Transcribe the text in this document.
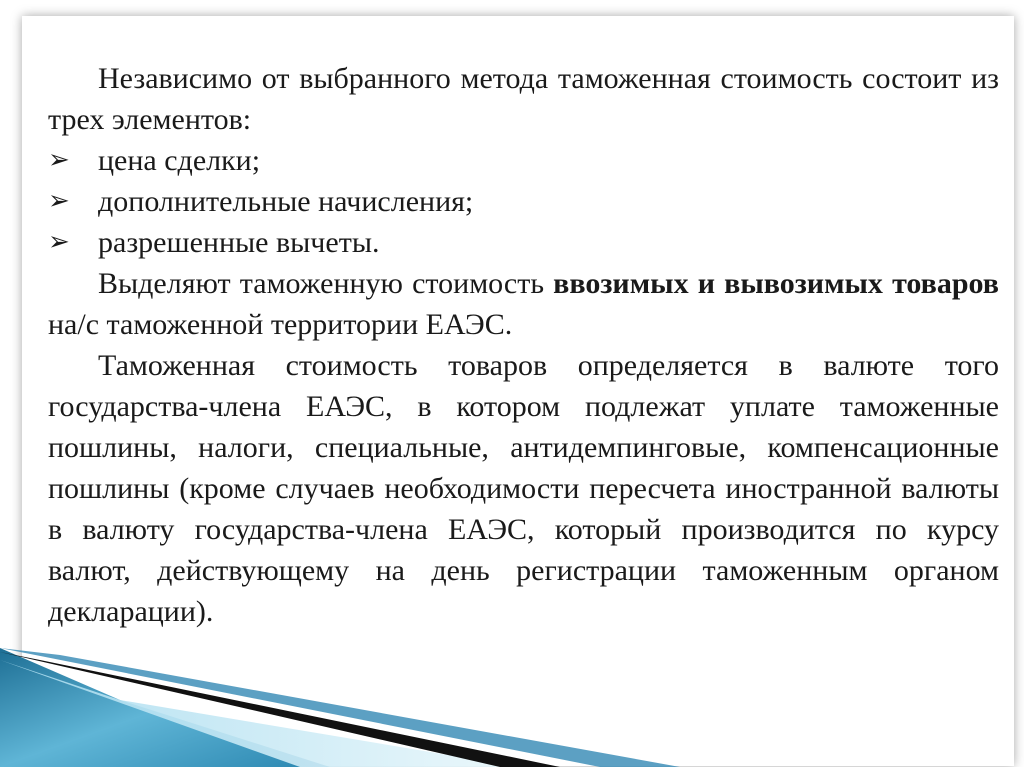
Независимо от выбранного метода таможенная стоимость состоит из трех элементов:

➢ цена сделки;
➢ дополнительные начисления;
➢ разрешенные вычеты.

Выделяют таможенную стоимость ввозимых и вывозимых товаров на/с таможенной территории ЕАЭС.

Таможенная стоимость товаров определяется в валюте того государства-члена ЕАЭС, в котором подлежат уплате таможенные пошлины, налоги, специальные, антидемпинговые, компенсационные пошлины (кроме случаев необходимости пересчета иностранной валюты в валюту государства-члена ЕАЭС, который производится по курсу валют, действующему на день регистрации таможенным органом декларации).
